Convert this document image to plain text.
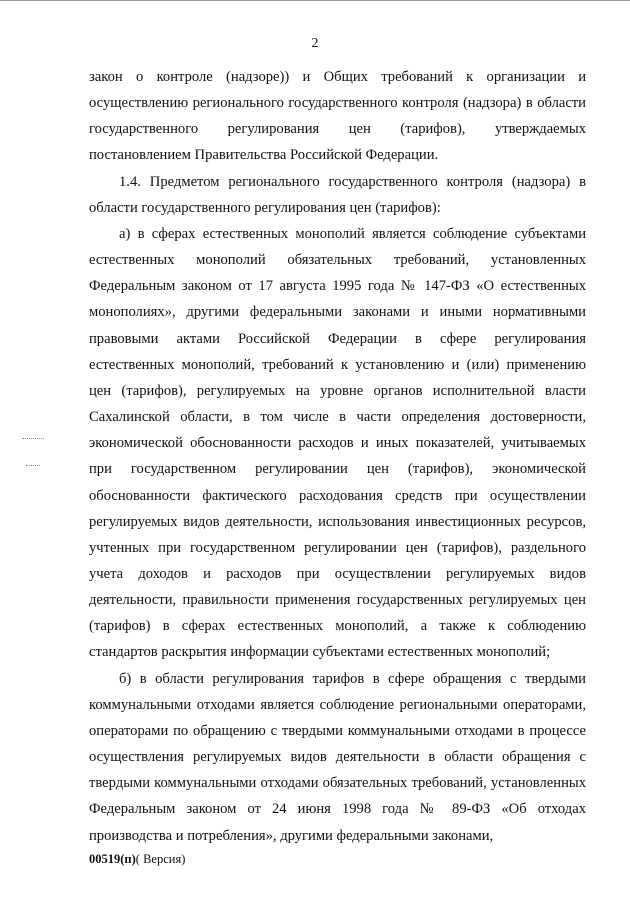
2

закон о контроле (надзоре)) и Общих требований к организации и осуществлению регионального государственного контроля (надзора) в области государственного регулирования цен (тарифов), утверждаемых постановлением Правительства Российской Федерации.

1.4. Предметом регионального государственного контроля (надзора) в области государственного регулирования цен (тарифов):

а) в сферах естественных монополий является соблюдение субъектами естественных монополий обязательных требований, установленных Федеральным законом от 17 августа 1995 года № 147-ФЗ «О естественных монополиях», другими федеральными законами и иными нормативными правовыми актами Российской Федерации в сфере регулирования естественных монополий, требований к установлению и (или) применению цен (тарифов), регулируемых на уровне органов исполнительной власти Сахалинской области, в том числе в части определения достоверности, экономической обоснованности расходов и иных показателей, учитываемых при государственном регулировании цен (тарифов), экономической обоснованности фактического расходования средств при осуществлении регулируемых видов деятельности, использования инвестиционных ресурсов, учтенных при государственном регулировании цен (тарифов), раздельного учета доходов и расходов при осуществлении регулируемых видов деятельности, правильности применения государственных регулируемых цен (тарифов) в сферах естественных монополий, а также к соблюдению стандартов раскрытия информации субъектами естественных монополий;

б) в области регулирования тарифов в сфере обращения с твердыми коммунальными отходами является соблюдение региональными операторами, операторами по обращению с твердыми коммунальными отходами в процессе осуществления регулируемых видов деятельности в области обращения с твердыми коммунальными отходами обязательных требований, установленных Федеральным законом от 24 июня 1998 года № 89-ФЗ «Об отходах производства и потребления», другими федеральными законами,

00519(п)( Версия)
